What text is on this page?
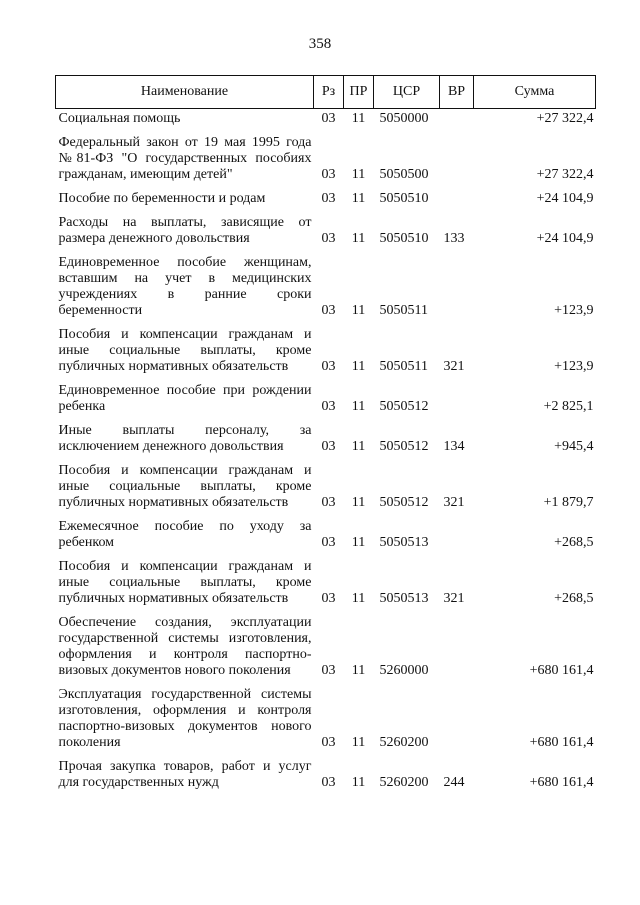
358
Наименование	Рз	ПР	ЦСР	ВР	Сумма
Социальная помощь	03	11	5050000		+27 322,4
Федеральный закон от 19 мая 1995 года №81-ФЗ "О государственных пособиях гражданам, имеющим детей"	03	11	5050500		+27 322,4
Пособие по беременности и родам	03	11	5050510		+24 104,9
Расходы на выплаты, зависящие от размера денежного довольствия	03	11	5050510	133	+24 104,9
Единовременное пособие женщинам, вставшим на учет в медицинских учреждениях в ранние сроки беременности	03	11	5050511		+123,9
Пособия и компенсации гражданам и иные социальные выплаты, кроме публичных нормативных обязательств	03	11	5050511	321	+123,9
Единовременное пособие при рождении ребенка	03	11	5050512		+2 825,1
Иные выплаты персоналу, за исключением денежного довольствия	03	11	5050512	134	+945,4
Пособия и компенсации гражданам и иные социальные выплаты, кроме публичных нормативных обязательств	03	11	5050512	321	+1 879,7
Ежемесячное пособие по уходу за ребенком	03	11	5050513		+268,5
Пособия и компенсации гражданам и иные социальные выплаты, кроме публичных нормативных обязательств	03	11	5050513	321	+268,5
Обеспечение создания, эксплуатации государственной системы изготовления, оформления и контроля паспортно-визовых документов нового поколения	03	11	5260000		+680 161,4
Эксплуатация государственной системы изготовления, оформления и контроля паспортно-визовых документов нового поколения	03	11	5260200		+680 161,4
Прочая закупка товаров, работ и услуг для государственных нужд	03	11	5260200	244	+680 161,4
